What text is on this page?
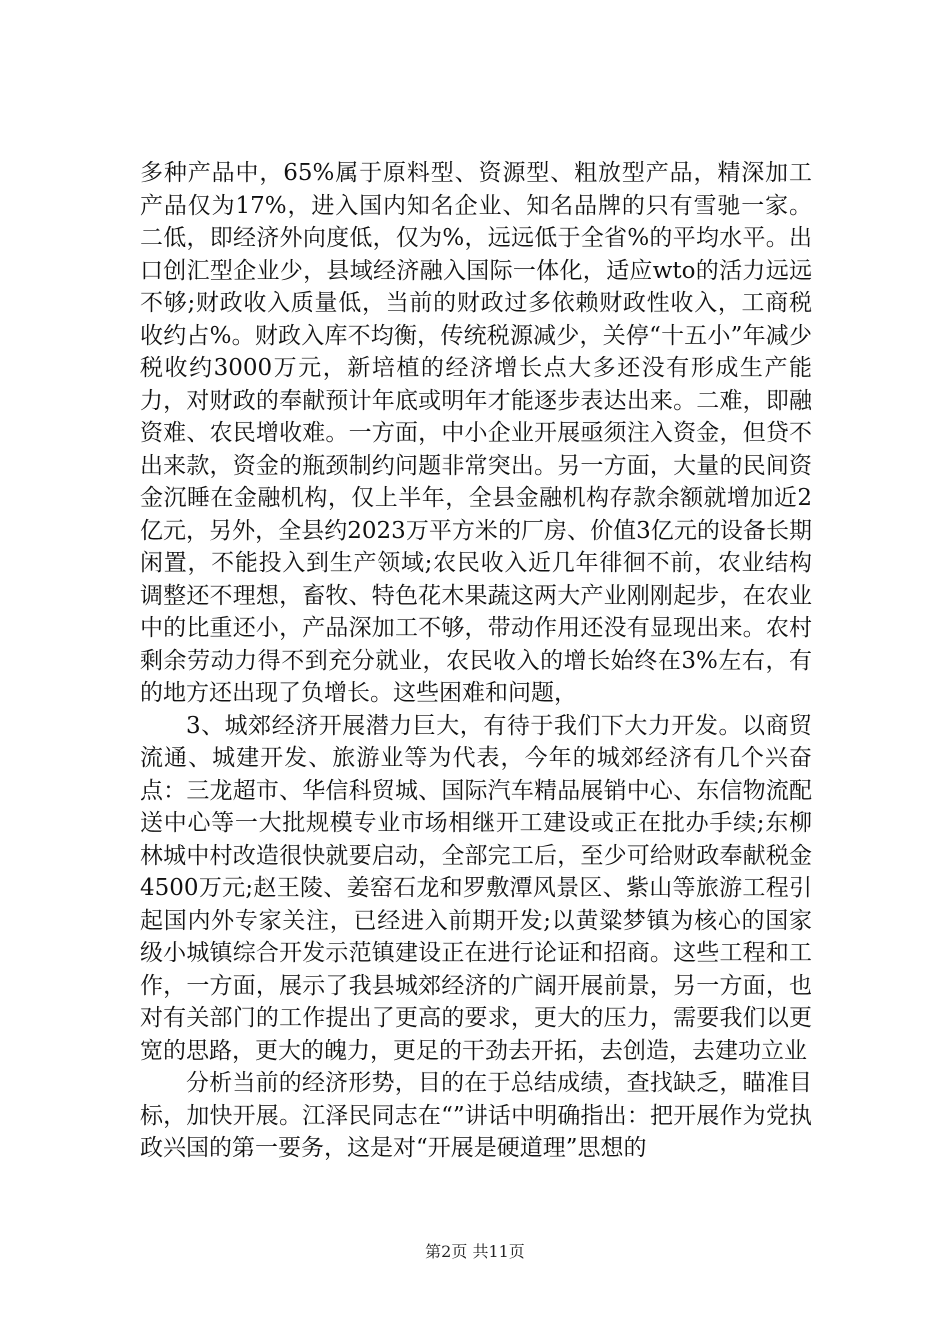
多种产品中，65%属于原料型、资源型、粗放型产品，精深加工产品仅为17%，进入国内知名企业、知名品牌的只有雪驰一家。二低，即经济外向度低，仅为%，远远低于全省%的平均水平。出口创汇型企业少，县域经济融入国际一体化，适应wto的活力远远不够;财政收入质量低，当前的财政过多依赖财政性收入，工商税收约占%。财政入库不均衡，传统税源减少，关停“十五小”年减少税收约3000万元，新培植的经济增长点大多还没有形成生产能力，对财政的奉献预计年底或明年才能逐步表达出来。二难，即融资难、农民增收难。一方面，中小企业开展亟须注入资金，但贷不出来款，资金的瓶颈制约问题非常突出。另一方面，大量的民间资金沉睡在金融机构，仅上半年，全县金融机构存款余额就增加近2亿元，另外，全县约2023万平方米的厂房、价值3亿元的设备长期闲置，不能投入到生产领域;农民收入近几年徘徊不前，农业结构调整还不理想，畜牧、特色花木果蔬这两大产业刚刚起步，在农业中的比重还小，产品深加工不够，带动作用还没有显现出来。农村剩余劳动力得不到充分就业，农民收入的增长始终在3%左右，有的地方还出现了负增长。这些困难和问题，

3、城郊经济开展潜力巨大，有待于我们下大力开发。以商贸流通、城建开发、旅游业等为代表，今年的城郊经济有几个兴奋点：三龙超市、华信科贸城、国际汽车精品展销中心、东信物流配送中心等一大批规模专业市场相继开工建设或正在批办手续;东柳林城中村改造很快就要启动，全部完工后，至少可给财政奉献税金4500万元;赵王陵、姜窑石龙和罗敷潭风景区、紫山等旅游工程引起国内外专家关注，已经进入前期开发;以黄粱梦镇为核心的国家级小城镇综合开发示范镇建设正在进行论证和招商。这些工程和工作，一方面，展示了我县城郊经济的广阔开展前景，另一方面，也对有关部门的工作提出了更高的要求，更大的压力，需要我们以更宽的思路，更大的魄力，更足的干劲去开拓，去创造，去建功立业

分析当前的经济形势，目的在于总结成绩，查找缺乏，瞄准目标，加快开展。江泽民同志在“”讲话中明确指出：把开展作为党执政兴国的第一要务，这是对“开展是硬道理”思想的

第2页 共11页
